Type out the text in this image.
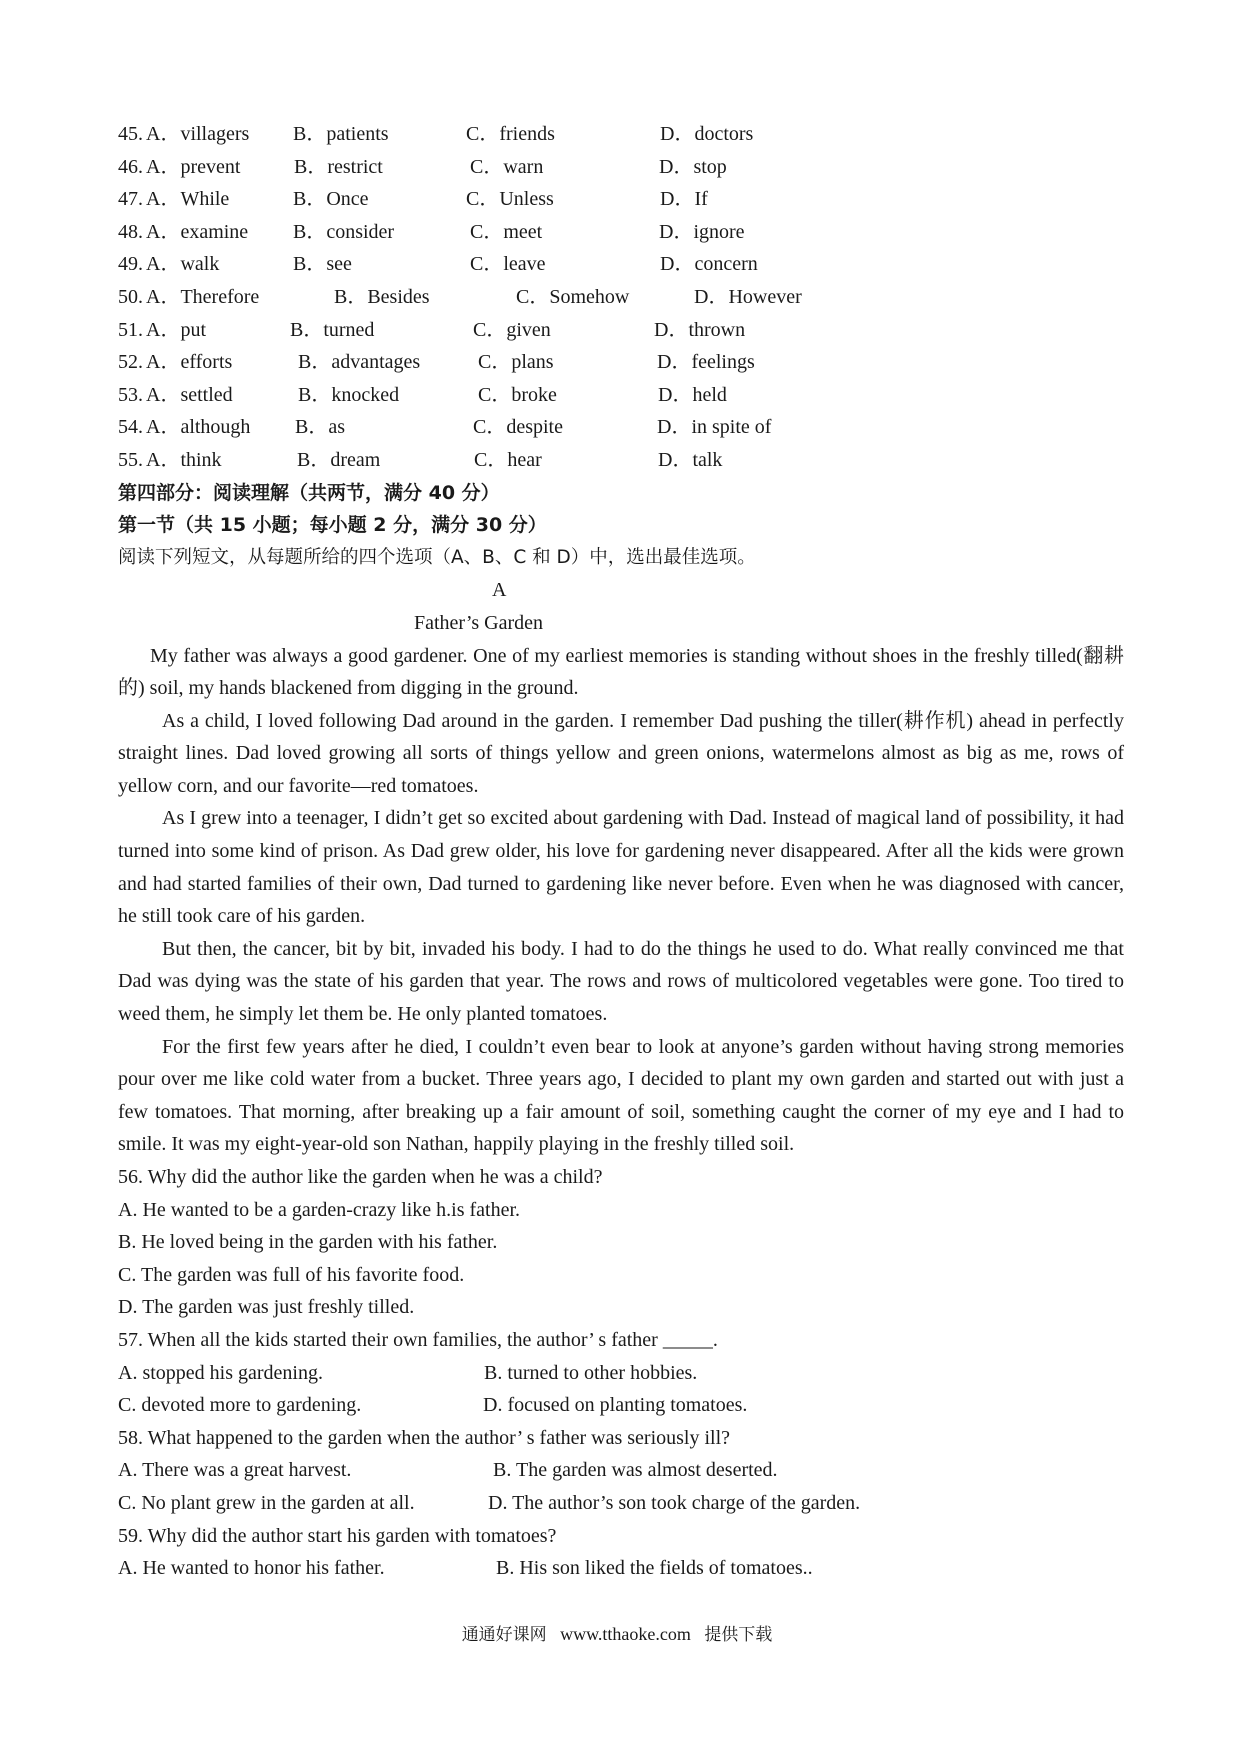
45. A．villagers B．patients	C．friends	D．doctors
46. A．prevent	B．restrict	C．warn	D．stop
47. A．While	B．Once	C．Unless	D．If
48. A．examine B．consider	C．meet	D．ignore
49. A．walk	B．see	C．leave	D．concern
50. A．Therefore	B．Besides	C．Somehow	D．However
51. A．put	B．turned	C．given	D．thrown
52. A．efforts	B．advantages	C．plans	D．feelings
53. A．settled	B．knocked	C．broke	D．held
54. A．although B．as	C．despite	D．in spite of
55. A．think	B．dream	C．hear	D．talk
第四部分：阅读理解（共两节，满分 40 分）
第一节（共 15 小题；每小题 2 分，满分 30 分）
阅读下列短文，从每题所给的四个选项（A、B、C 和 D）中，选出最佳选项。
A
Father’s Garden

My father was always a good gardener. One of my earliest memories is standing without shoes in the freshly tilled(翻耕的) soil, my hands blackened from digging in the ground.

As a child, I loved following Dad around in the garden. I remember Dad pushing the tiller(耕作机) ahead in perfectly straight lines. Dad loved growing all sorts of things yellow and green onions, watermelons almost as big as me, rows of yellow corn, and our favorite—red tomatoes.

As I grew into a teenager, I didn’t get so excited about gardening with Dad. Instead of magical land of possibility, it had turned into some kind of prison. As Dad grew older, his love for gardening never disappeared. After all the kids were grown and had started families of their own, Dad turned to gardening like never before. Even when he was diagnosed with cancer, he still took care of his garden.

But then, the cancer, bit by bit, invaded his body. I had to do the things he used to do. What really convinced me that Dad was dying was the state of his garden that year. The rows and rows of multicolored vegetables were gone. Too tired to weed them, he simply let them be. He only planted tomatoes.

For the first few years after he died, I couldn’t even bear to look at anyone’s garden without having strong memories pour over me like cold water from a bucket. Three years ago, I decided to plant my own garden and started out with just a few tomatoes. That morning, after breaking up a fair amount of soil, something caught the corner of my eye and I had to smile. It was my eight-year-old son Nathan, happily playing in the freshly tilled soil.

56. Why did the author like the garden when he was a child?
A. He wanted to be a garden-crazy like h.is father.
B. He loved being in the garden with his father.
C. The garden was full of his favorite food.
D. The garden was just freshly tilled.
57. When all the kids started their own families, the author’ s father _____.
A. stopped his gardening.	B. turned to other hobbies.
C. devoted more to gardening.	D. focused on planting tomatoes.
58. What happened to the garden when the author’ s father was seriously ill?
A. There was a great harvest.	B. The garden was almost deserted.
C. No plant grew in the garden at all.	D. The author’s son took charge of the garden.
59. Why did the author start his garden with tomatoes?
A. He wanted to honor his father.	B. His son liked the fields of tomatoes..
通通好课网 www.tthaoke.com 提供下载
